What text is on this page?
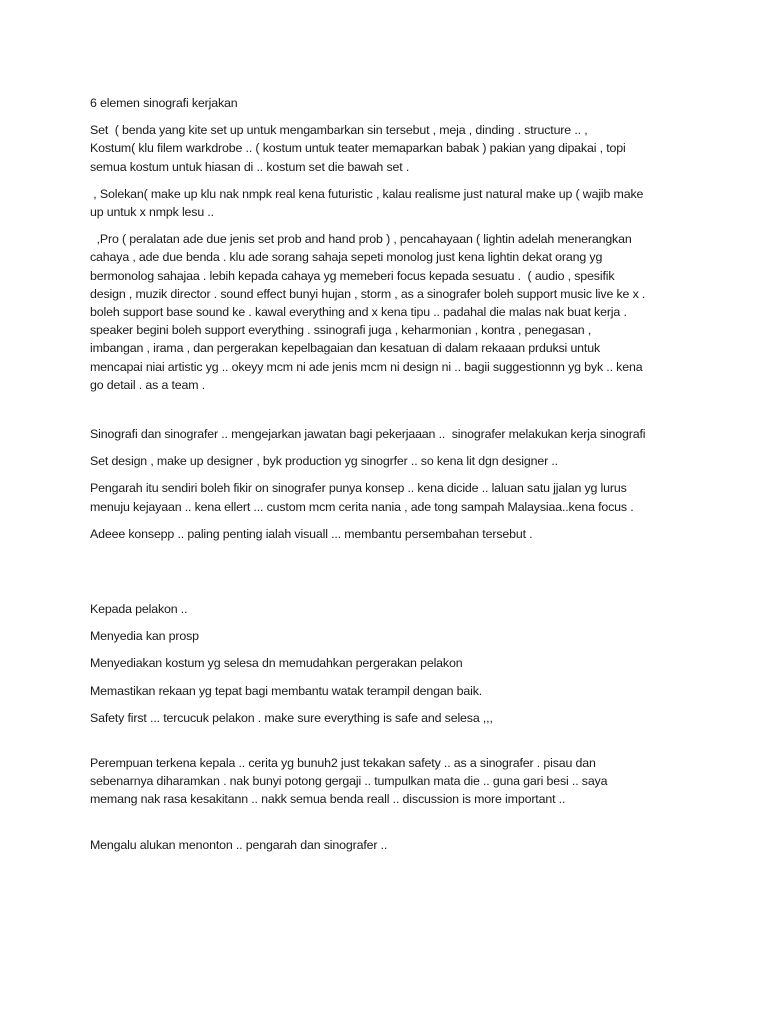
6 elemen sinografi kerjakan

Set  ( benda yang kite set up untuk mengambarkan sin tersebut , meja , dinding . structure .. ,
Kostum( klu filem warkdrobe .. ( kostum untuk teater memaparkan babak ) pakian yang dipakai , topi
semua kostum untuk hiasan di .. kostum set die bawah set .

, Solekan( make up klu nak nmpk real kena futuristic , kalau realisme just natural make up ( wajib make
up untuk x nmpk lesu ..

,Pro ( peralatan ade due jenis set prob and hand prob ) , pencahayaan ( lightin adelah menerangkan
cahaya , ade due benda . klu ade sorang sahaja sepeti monolog just kena lightin dekat orang yg
bermonolog sahajaa . lebih kepada cahaya yg memeberi focus kepada sesuatu .  ( audio , spesifik
design , muzik director . sound effect bunyi hujan , storm , as a sinografer boleh support music live ke x .
boleh support base sound ke . kawal everything and x kena tipu .. padahal die malas nak buat kerja .
speaker begini boleh support everything . ssinografi juga , keharmonian , kontra , penegasan ,
imbangan , irama , dan pergerakan kepelbagaian dan kesatuan di dalam rekaaan prduksi untuk
mencapai niai artistic yg .. okeyy mcm ni ade jenis mcm ni design ni .. bagii suggestionnn yg byk .. kena
go detail . as a team .

Sinografi dan sinografer .. mengejarkan jawatan bagi pekerjaaan ..  sinografer melakukan kerja sinografi

Set design , make up designer , byk production yg sinogrfer .. so kena lit dgn designer ..

Pengarah itu sendiri boleh fikir on sinografer punya konsep .. kena dicide .. laluan satu jjalan yg lurus
menuju kejayaan .. kena ellert ... custom mcm cerita nania , ade tong sampah Malaysiaa..kena focus .

Adeee konsepp .. paling penting ialah visuall ... membantu persembahan tersebut .

Kepada pelakon ..

Menyedia kan prosp

Menyediakan kostum yg selesa dn memudahkan pergerakan pelakon

Memastikan rekaan yg tepat bagi membantu watak terampil dengan baik.

Safety first ... tercucuk pelakon . make sure everything is safe and selesa ,,,

Perempuan terkena kepala .. cerita yg bunuh2 just tekakan safety .. as a sinografer . pisau dan
sebenarnya diharamkan . nak bunyi potong gergaji .. tumpulkan mata die .. guna gari besi .. saya
memang nak rasa kesakitann .. nakk semua benda reall .. discussion is more important ..

Mengalu alukan menonton .. pengarah dan sinografer ..
